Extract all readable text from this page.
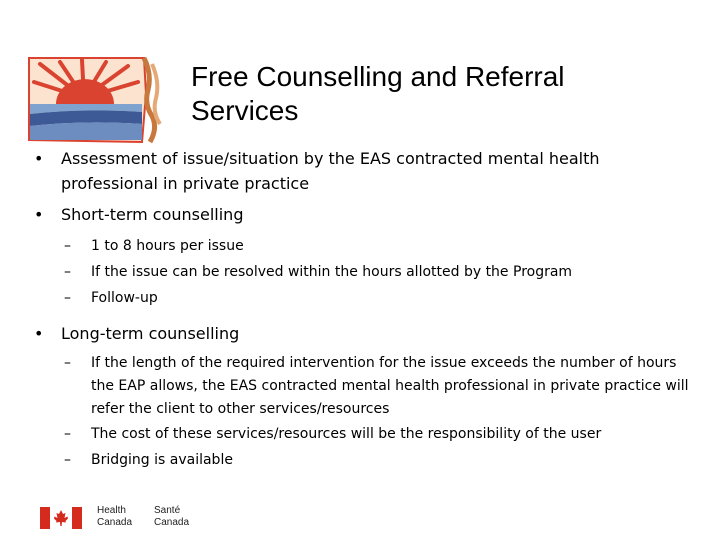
Free Counselling and Referral
Services
• Assessment of issue/situation by the EAS contracted mental health professional in private practice
• Short-term counselling
– 1 to 8 hours per issue
– If the issue can be resolved within the hours allotted by the Program
– Follow-up
• Long-term counselling
– If the length of the required intervention for the issue exceeds the number of hours the EAP allows, the EAS contracted mental health professional in private practice will refer the client to other services/resources
– The cost of these services/resources will be the responsibility of the user
– Bridging is available
Health
Canada
Santé
Canada
